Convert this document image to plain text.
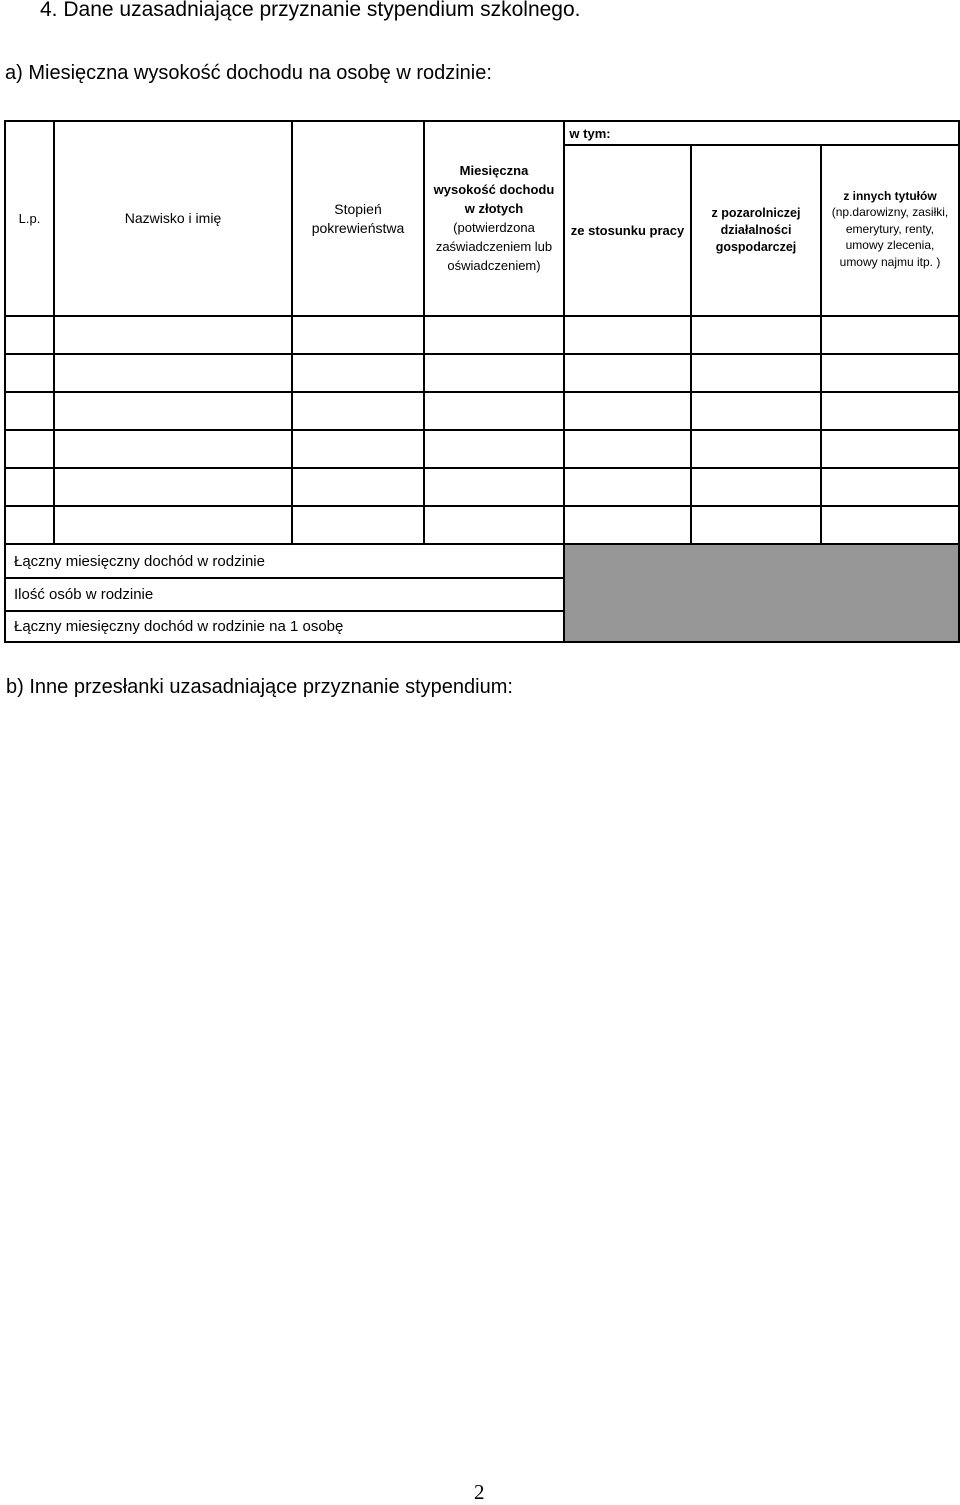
4. Dane uzasadniające przyznanie stypendium szkolnego.
a) Miesięczna wysokość dochodu na osobę w rodzinie:
w tym:
L.p.	Nazwisko i imię
Stopień
pokrewieństwa
Miesięczna
wysokość dochodu
w złotych
(potwierdzona
zaświadczeniem lub
oświadczeniem)
ze stosunku pracy
z pozarolniczej
działalności
gospodarczej
z innych tytułów
(np.darowizny, zasiłki,
emerytury, renty,
umowy zlecenia,
umowy najmu itp. )
Łączny miesięczny dochód w rodzinie
Ilość osób w rodzinie
Łączny miesięczny dochód w rodzinie na 1 osobę
b) Inne przesłanki uzasadniające przyznanie stypendium:
2
